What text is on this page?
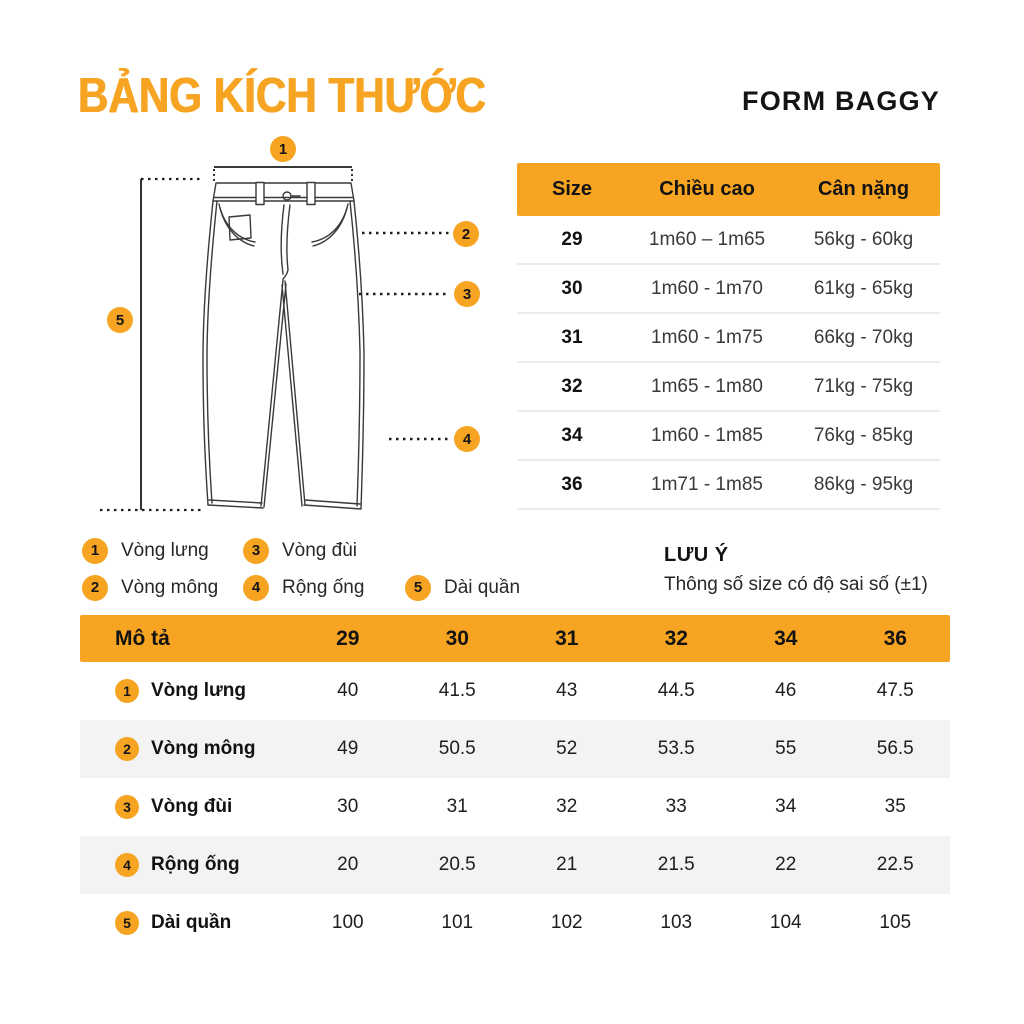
BẢNG KÍCH THƯỚC	FORM BAGGY
1
2
3
4
5
Size	Chiều cao	Cân nặng
29	1m60 – 1m65	56kg - 60kg
30	1m60 - 1m70	61kg - 65kg
31	1m60 - 1m75	66kg - 70kg
32	1m65 - 1m80	71kg - 75kg
34	1m60 - 1m85	76kg - 85kg
36	1m71 - 1m85	86kg - 95kg
1	Vòng lưng	3	Vòng đùi
2	Vòng mông	4	Rộng ống	5	Dài quần
LƯU Ý
Thông số size có độ sai số (±1)
Mô tả	29	30	31	32	34	36
1	Vòng lưng	40	41.5	43	44.5	46	47.5
2	Vòng mông	49	50.5	52	53.5	55	56.5
3	Vòng đùi	30	31	32	33	34	35
4	Rộng ống	20	20.5	21	21.5	22	22.5
5	Dài quần	100	101	102	103	104	105
